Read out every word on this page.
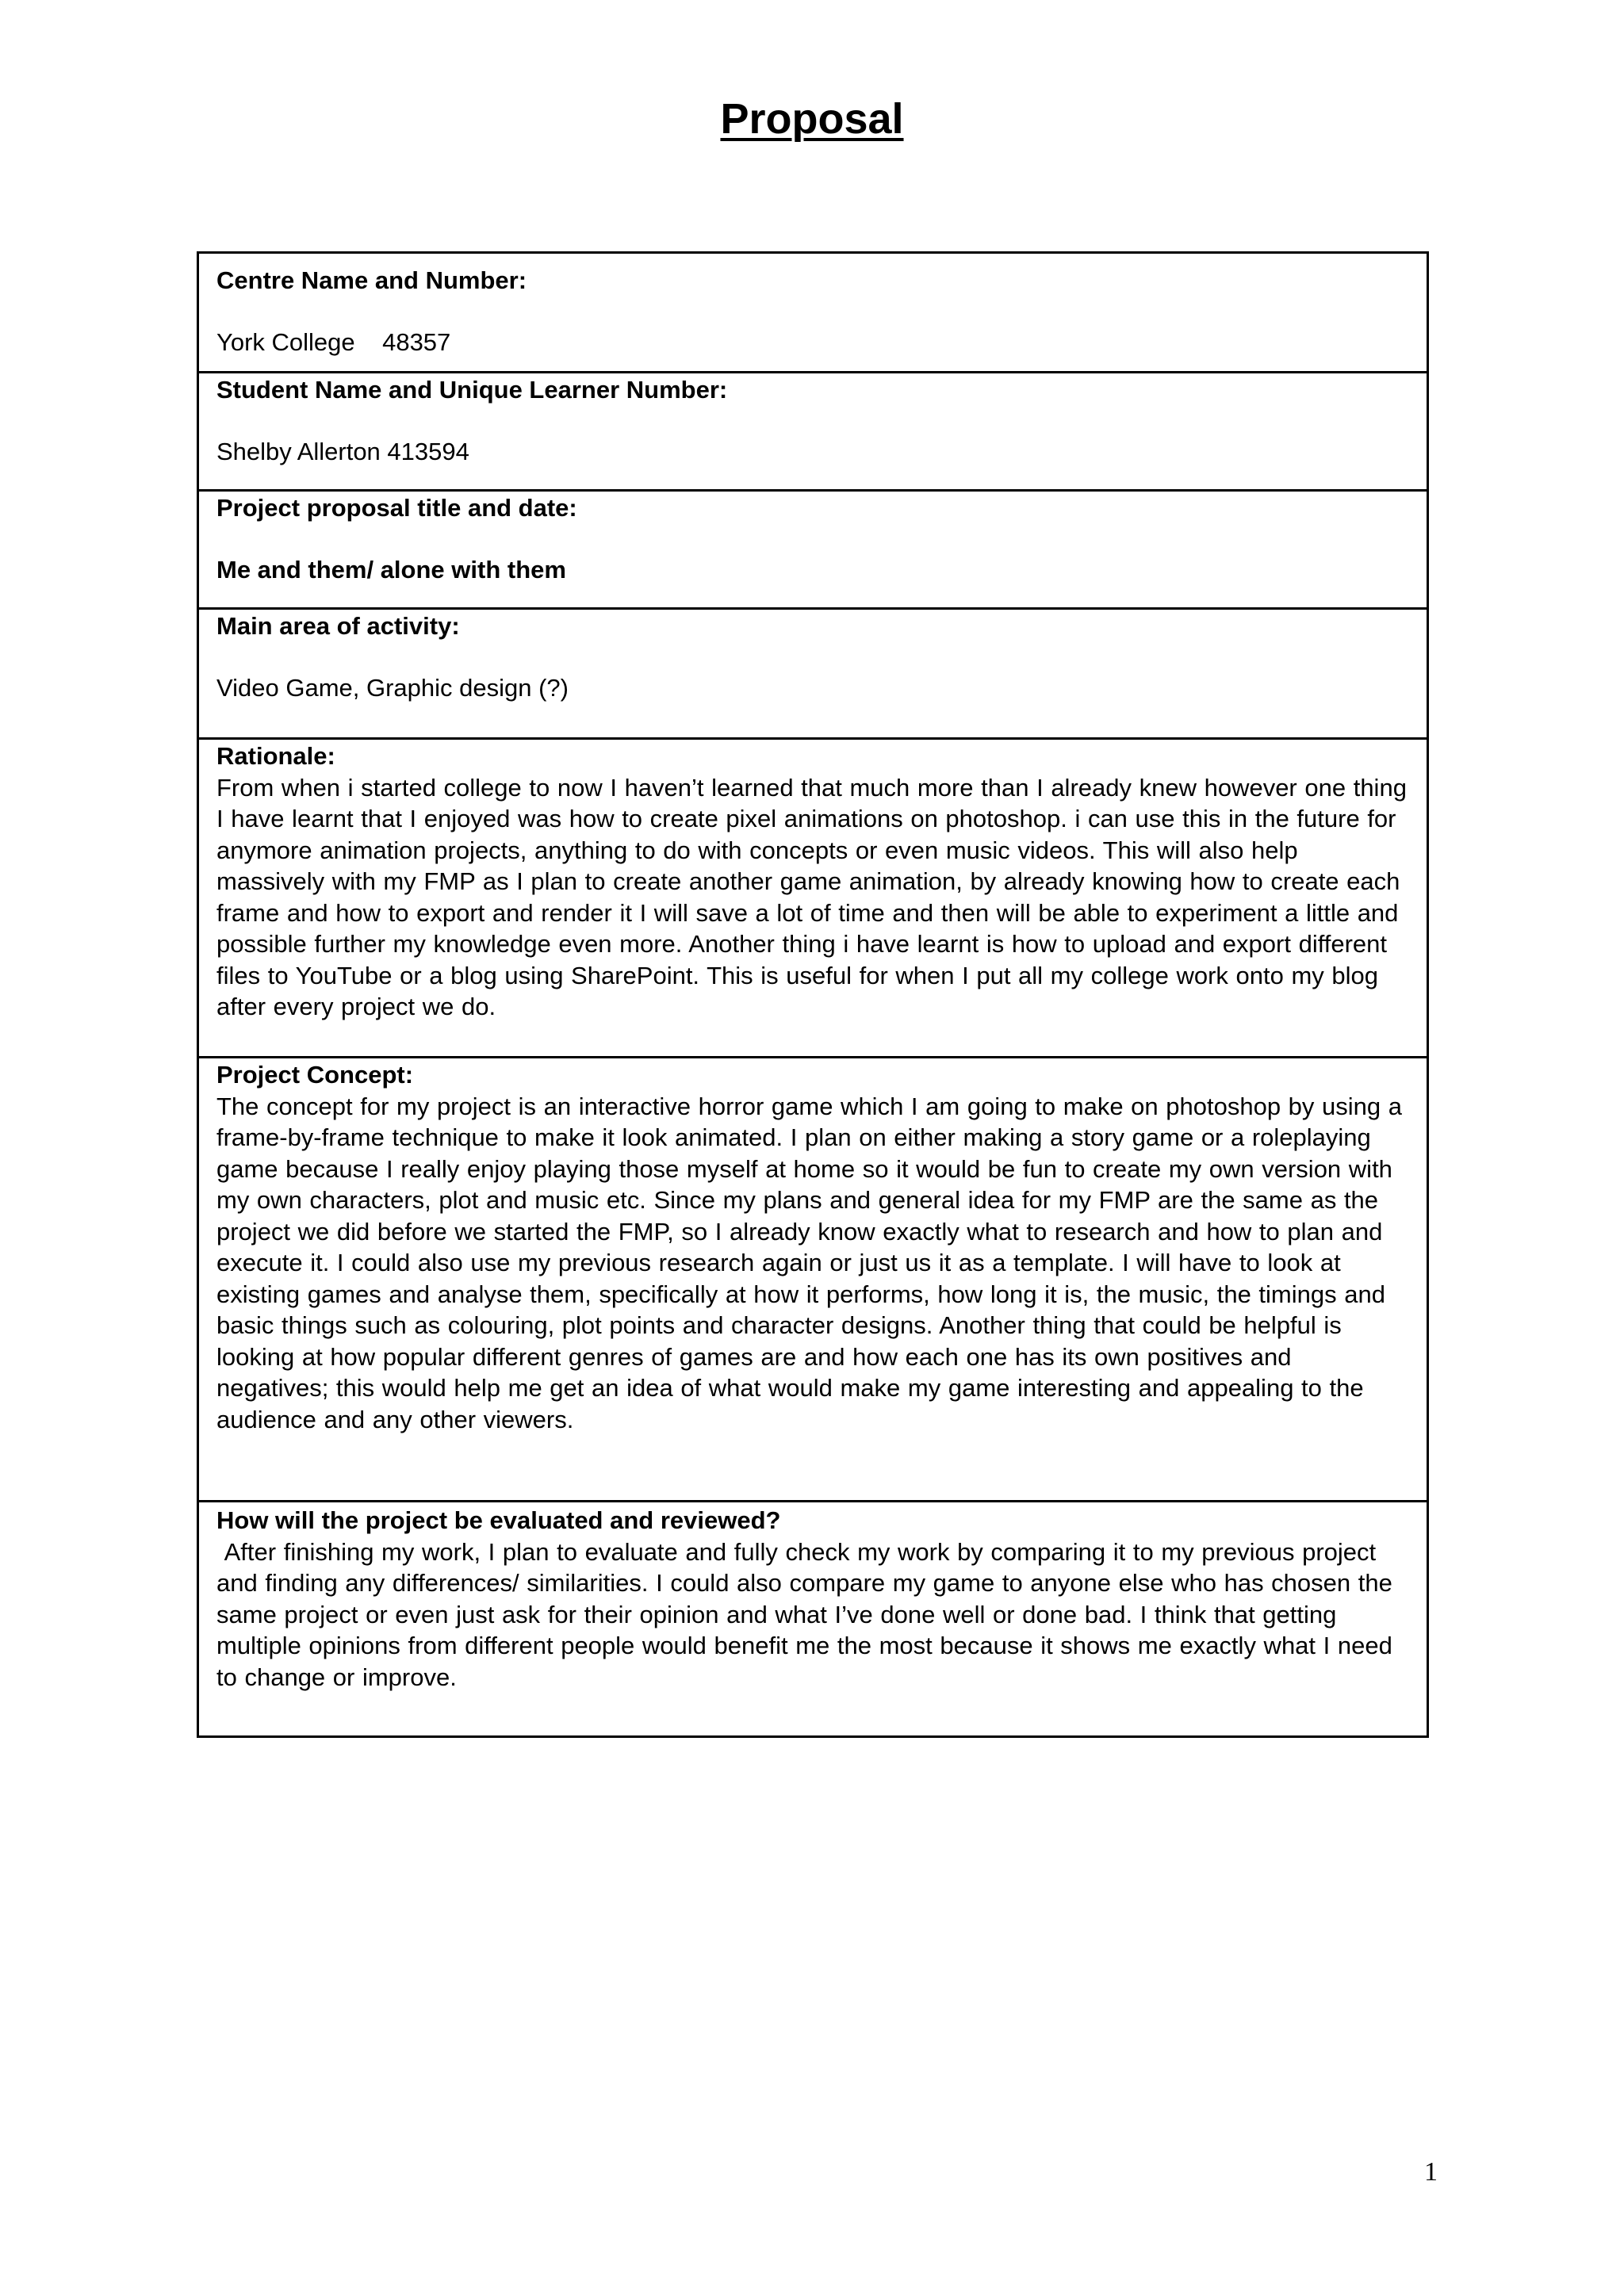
Proposal
Centre Name and Number:
York College    48357
Student Name and Unique Learner Number:
Shelby Allerton 413594
Project proposal title and date:
Me and them/ alone with them
Main area of activity:
Video Game, Graphic design (?)
Rationale:
From when i started college to now I haven’t learned that much more than I already knew however one thing I have learnt that I enjoyed was how to create pixel animations on photoshop. i can use this in the future for anymore animation projects, anything to do with concepts or even music videos. This will also help massively with my FMP as I plan to create another game animation, by already knowing how to create each frame and how to export and render it I will save a lot of time and then will be able to experiment a little and possible further my knowledge even more. Another thing i have learnt is how to upload and export different files to YouTube or a blog using SharePoint. This is useful for when I put all my college work onto my blog after every project we do.
Project Concept:
The concept for my project is an interactive horror game which I am going to make on photoshop by using a frame-by-frame technique to make it look animated. I plan on either making a story game or a roleplaying game because I really enjoy playing those myself at home so it would be fun to create my own version with my own characters, plot and music etc. Since my plans and general idea for my FMP are the same as the project we did before we started the FMP, so I already know exactly what to research and how to plan and execute it. I could also use my previous research again or just us it as a template. I will have to look at existing games and analyse them, specifically at how it performs, how long it is, the music, the timings and basic things such as colouring, plot points and character designs. Another thing that could be helpful is looking at how popular different genres of games are and how each one has its own positives and negatives; this would help me get an idea of what would make my game interesting and appealing to the audience and any other viewers.
How will the project be evaluated and reviewed?
After finishing my work, I plan to evaluate and fully check my work by comparing it to my previous project and finding any differences/ similarities. I could also compare my game to anyone else who has chosen the same project or even just ask for their opinion and what I’ve done well or done bad. I think that getting multiple opinions from different people would benefit me the most because it shows me exactly what I need to change or improve.
1
